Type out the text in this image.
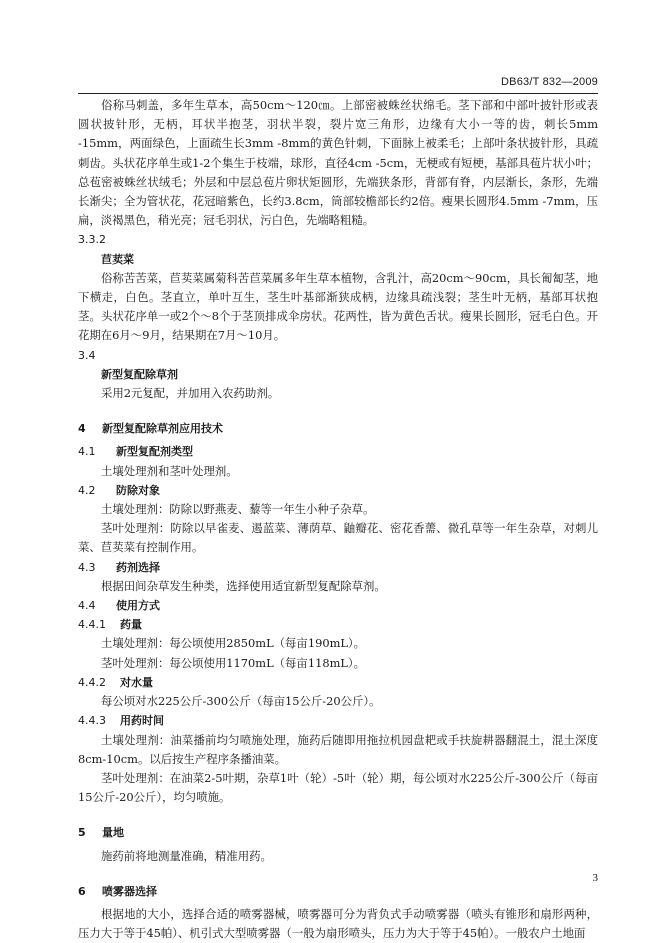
DB63/T 832—2009

俗称马刺盖，多年生草本，高50cm～120㎝。上部密被蛛丝状绵毛。茎下部和中部叶披针形或表圆状披针形，无柄，耳状半抱茎，羽状半裂，裂片宽三角形，边缘有大小一等的齿，刺长5mm -15mm，两面绿色，上面疏生长3mm -8mm的黄色针刺，下面脉上被柔毛；上部叶条状披针形，具疏刺齿。头状花序单生或1-2个集生于枝端，球形，直径4cm -5cm，无梗或有短梗，基部具苞片状小叶；总苞密被蛛丝状绒毛；外层和中层总苞片卵状矩圆形，先端狭条形，背部有脊，内层渐长，条形，先端长渐尖；全为管状花，花冠暗紫色，长约3.8cm，筒部较檐部长约2倍。瘦果长圆形4.5mm -7mm，压扁，淡褐黑色，稍光亮；冠毛羽状，污白色，先端略粗糙。

3.3.2

苣荬菜

俗称苦苦菜，苣荬菜属菊科苦苣菜属多年生草本植物，含乳汁，高20cm～90cm，具长匍匐茎，地下横走，白色。茎直立，单叶互生，茎生叶基部渐狭成柄，边缘具疏浅裂；茎生叶无柄，基部耳状抱茎。头状花序单一或2个～8个于茎顶排成伞房状。花两性，皆为黄色舌状。瘦果长圆形，冠毛白色。开花期在6月～9月，结果期在7月～10月。

3.4

新型复配除草剂

采用2元复配，并加用入农药助剂。

4 新型复配除草剂应用技术

4.1 新型复配剂类型

土壤处理剂和茎叶处理剂。

4.2 防除对象

土壤处理剂：防除以野燕麦、藜等一年生小种子杂草。

茎叶处理剂：防除以早雀麦、遏蓝菜、薄荫草、鼬瓣花、密花香薷、微孔草等一年生杂草，对刺儿菜、苣荬菜有控制作用。

4.3 药剂选择

根据田间杂草发生种类，选择使用适宜新型复配除草剂。

4.4 使用方式

4.4.1 药量

土壤处理剂：每公顷使用2850mL（每亩190mL）。

茎叶处理剂：每公顷使用1170mL（每亩118mL）。

4.4.2 对水量

每公顷对水225公斤-300公斤（每亩15公斤-20公斤）。

4.4.3 用药时间

土壤处理剂：油菜播前均匀喷施处理，施药后随即用拖拉机园盘耙或手扶旋耕器翻混土，混土深度8cm-10cm。以后按生产程序条播油菜。

茎叶处理剂：在油菜2-5叶期，杂草1叶（轮）-5叶（轮）期，每公顷对水225公斤-300公斤（每亩15公斤-20公斤），均匀喷施。

5 量地

施药前将地测量准确，精准用药。

6 喷雾器选择

根据地的大小，选择合适的喷雾器械，喷雾器可分为背负式手动喷雾器（喷头有锥形和扇形两种，压力大于等于45帕）、机引式大型喷雾器（一般为扇形喷头，压力为大于等于45帕）。一般农户土地面

3
